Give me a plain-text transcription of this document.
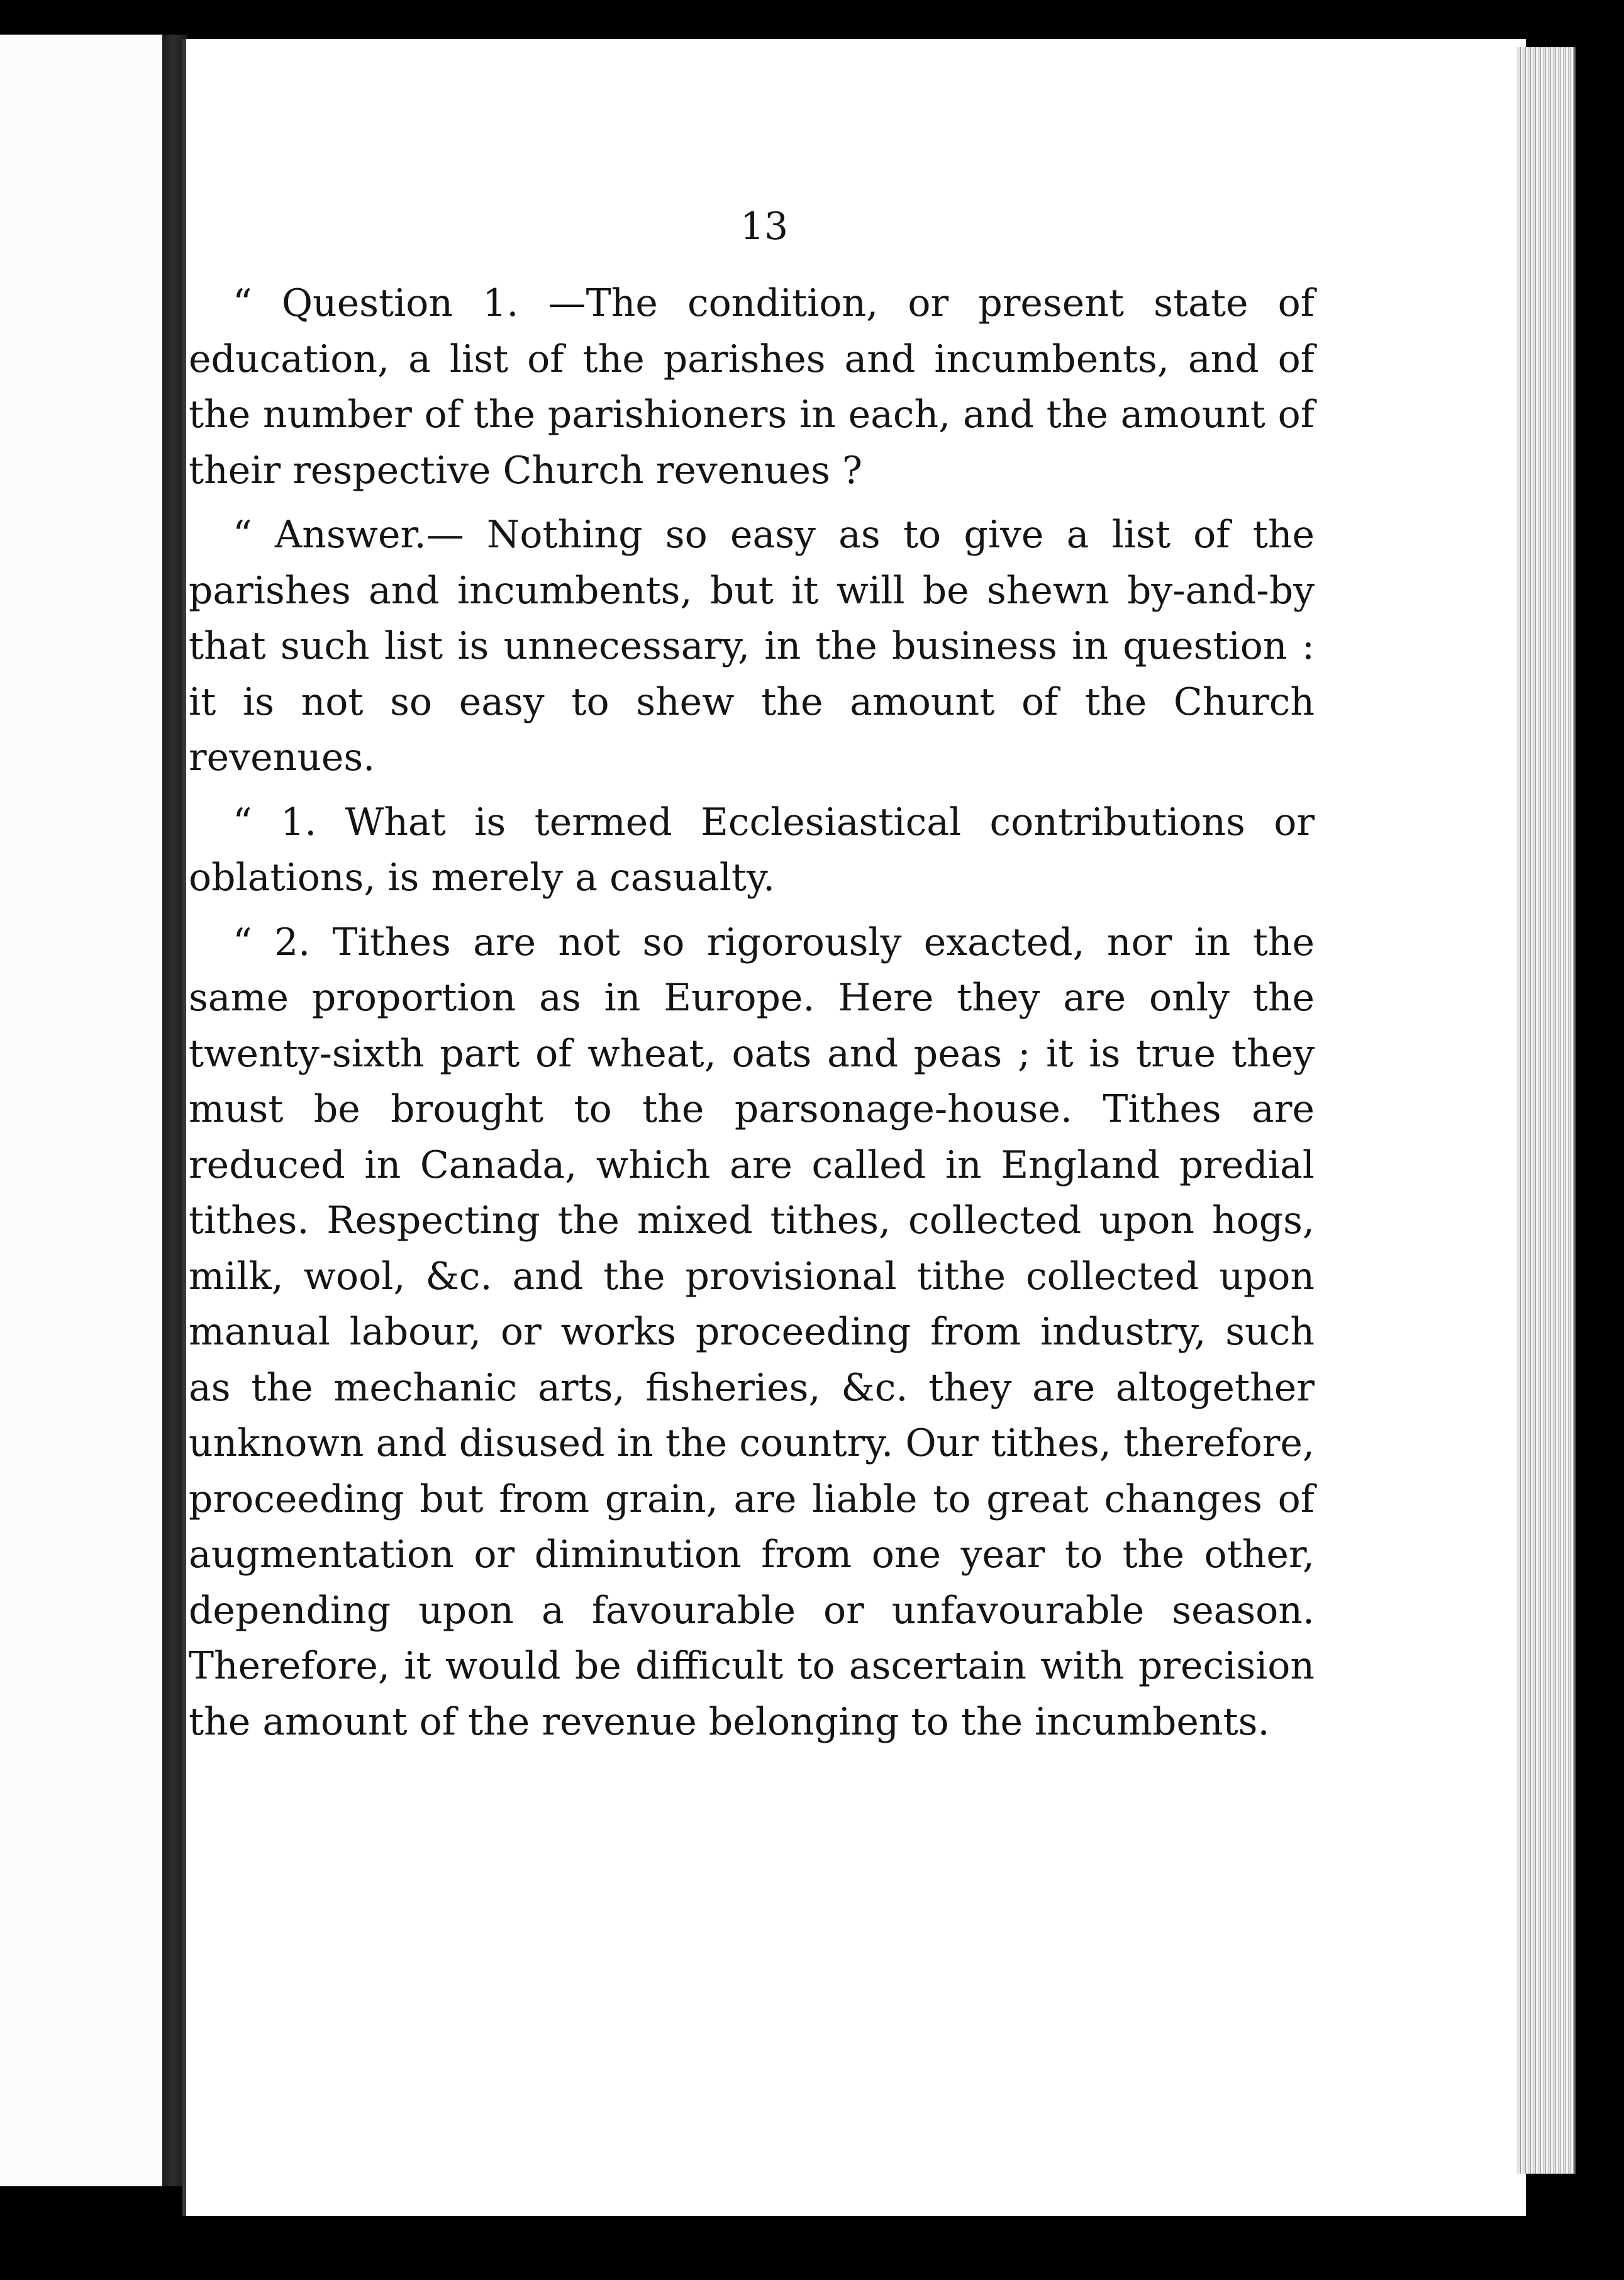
13

“ Question 1. —The condition, or present state of education, a list of the parishes and incumbents, and of the number of the parishioners in each, and the amount of their respective Church revenues ?

“ Answer.— Nothing so easy as to give a list of the parishes and incumbents, but it will be shewn by-and-by that such list is unnecessary, in the business in question : it is not so easy to shew the amount of the Church revenues.

“ 1. What is termed Ecclesiastical contributions or oblations, is merely a casualty.

“ 2. Tithes are not so rigorously exacted, nor in the same proportion as in Europe. Here they are only the twenty-sixth part of wheat, oats and peas ; it is true they must be brought to the parsonage-house. Tithes are reduced in Canada, which are called in England predial tithes. Respecting the mixed tithes, collected upon hogs, milk, wool, &c. and the provisional tithe collected upon manual labour, or works proceeding from industry, such as the mechanic arts, fisheries, &c. they are altogether unknown and disused in the country. Our tithes, therefore, proceeding but from grain, are liable to great changes of augmentation or diminution from one year to the other, depending upon a favourable or unfavourable season. Therefore, it would be difficult to ascertain with precision the amount of the revenue belonging to the incumbents.
